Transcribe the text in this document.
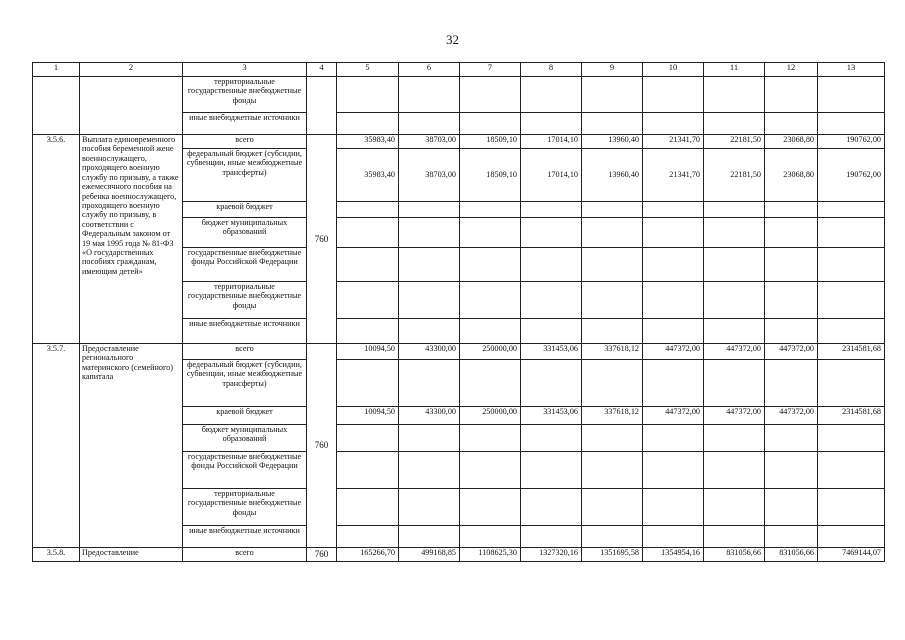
32
1	2	3	4	5	6	7	8	9	10	11	12	13
		территориальные государственные внебюджетные фонды										
		иные внебюджетные источники										
3.5.6.	Выплата единовременного пособия беременной жене военнослужащего, проходящего военную службу по призыву, а также ежемесячного пособия на ребенка военнослужащего, проходящего военную службу по призыву, в соответствии с Федеральным законом от 19 мая 1995 года № 81-ФЗ «О государственных пособиях гражданам, имеющим детей»	всего	760	35983,40	38703,00	18509,10	17014,10	13960,40	21341,70	22181,50	23068,80	190762,00
		федеральный бюджет (субсидии, субвенции, иные межбюджетные трансферты)		35983,40	38703,00	18509,10	17014,10	13960,40	21341,70	22181,50	23068,80	190762,00
		краевой бюджет										
		бюджет муниципальных образований										
		государственные внебюджетные фонды Российской Федерации										
		территориальные государственные внебюджетные фонды										
		иные внебюджетные источники										
3.5.7.	Предоставление регионального материнского (семейного) капитала	всего	760	10094,50	43300,00	250000,00	331453,06	337618,12	447372,00	447372,00	447372,00	2314581,68
		федеральный бюджет (субсидии, субвенции, иные межбюджетные трансферты)										
		краевой бюджет		10094,50	43300,00	250000,00	331453,06	337618,12	447372,00	447372,00	447372,00	2314581,68
		бюджет муниципальных образований										
		государственные внебюджетные фонды Российской Федерации										
		территориальные государственные внебюджетные фонды										
		иные внебюджетные источники										
3.5.8.	Предоставление	всего	760	165266,70	499168,85	1108625,30	1327320,16	1351695,58	1354954,16	831056,66	831056,66	7469144,07
